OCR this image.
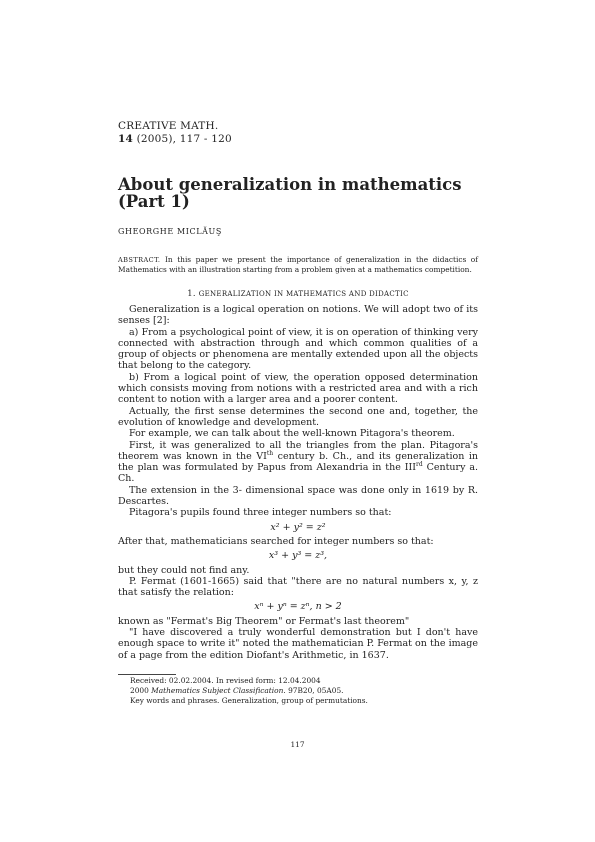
CREATIVE MATH.
14 (2005), 117 - 120
About generalization in mathematics
(Part 1)
GHEORGHE MICLĂUŞ
ABSTRACT. In this paper we present the importance of generalization in the didactics of Mathematics with an illustration starting from a problem given at a mathematics competition.
1. GENERALIZATION IN MATHEMATICS AND DIDACTIC

Generalization is a logical operation on notions. We will adopt two of its senses [2]:

a) From a psychological point of view, it is on operation of thinking very connected with abstraction through and which common qualities of a group of objects or phenomena are mentally extended upon all the objects that belong to the category.

b) From a logical point of view, the operation opposed determination which consists moving from notions with a restricted area and with a rich content to notion with a larger area and a poorer content.

Actually, the first sense determines the second one and, together, the evolution of knowledge and development.

For example, we can talk about the well-known Pitagora's theorem.

First, it was generalized to all the triangles from the plan. Pitagora's theorem was known in the VIth century b. Ch., and its generalization in the plan was formulated by Papus from Alexandria in the IIIrd Century a. Ch.

The extension in the 3- dimensional space was done only in 1619 by R. Descartes.

Pitagora's pupils found three integer numbers so that:

x² + y² = z²

After that, mathematicians searched for integer numbers so that:

x³ + y³ = z³,

but they could not find any.

P. Fermat (1601-1665) said that "there are no natural numbers x, y, z that satisfy the relation:

xⁿ + yⁿ = zⁿ, n > 2

known as "Fermat's Big Theorem" or Fermat's last theorem"

"I have discovered a truly wonderful demonstration but I don't have enough space to write it" noted the mathematician P. Fermat on the image of a page from the edition Diofant's Arithmetic, in 1637.

Received: 02.02.2004. In revised form: 12.04.2004
2000 Mathematics Subject Classification. 97B20, 05A05.
Key words and phrases. Generalization, group of permutations.
117
